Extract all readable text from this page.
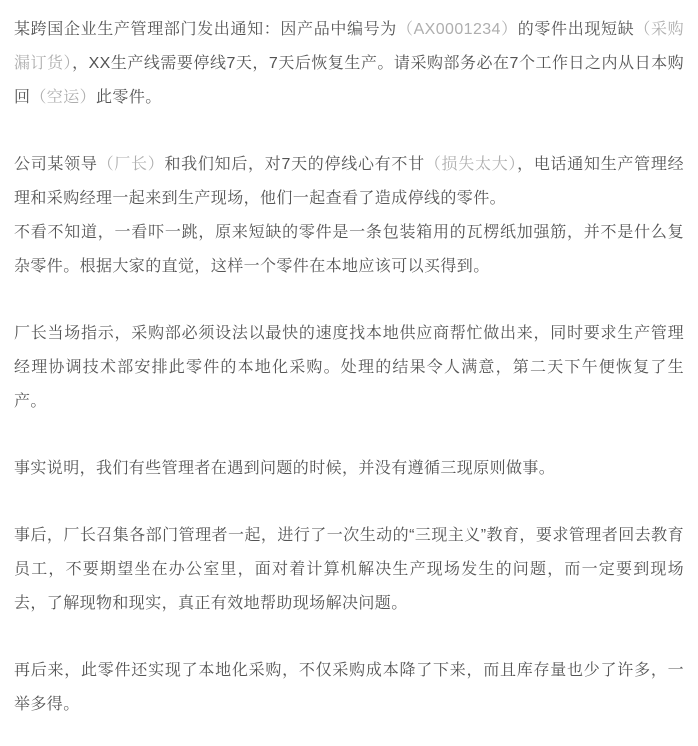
某跨国企业生产管理部门发出通知：因产品中编号为（AX0001234）的零件出现短缺（采购漏订货），XX生产线需要停线7天，7天后恢复生产。请采购部务必在7个工作日之内从日本购回（空运）此零件。

公司某领导（厂长）和我们知后，对7天的停线心有不甘（损失太大），电话通知生产管理经理和采购经理一起来到生产现场，他们一起查看了造成停线的零件。

不看不知道，一看吓一跳，原来短缺的零件是一条包装箱用的瓦楞纸加强筋，并不是什么复杂零件。根据大家的直觉，这样一个零件在本地应该可以买得到。

厂长当场指示，采购部必须设法以最快的速度找本地供应商帮忙做出来，同时要求生产管理经理协调技术部安排此零件的本地化采购。处理的结果令人满意，第二天下午便恢复了生产。

事实说明，我们有些管理者在遇到问题的时候，并没有遵循三现原则做事。

事后，厂长召集各部门管理者一起，进行了一次生动的“三现主义”教育，要求管理者回去教育员工，不要期望坐在办公室里，面对着计算机解决生产现场发生的问题，而一定要到现场去，了解现物和现实，真正有效地帮助现场解决问题。

再后来，此零件还实现了本地化采购，不仅采购成本降了下来，而且库存量也少了许多，一举多得。
